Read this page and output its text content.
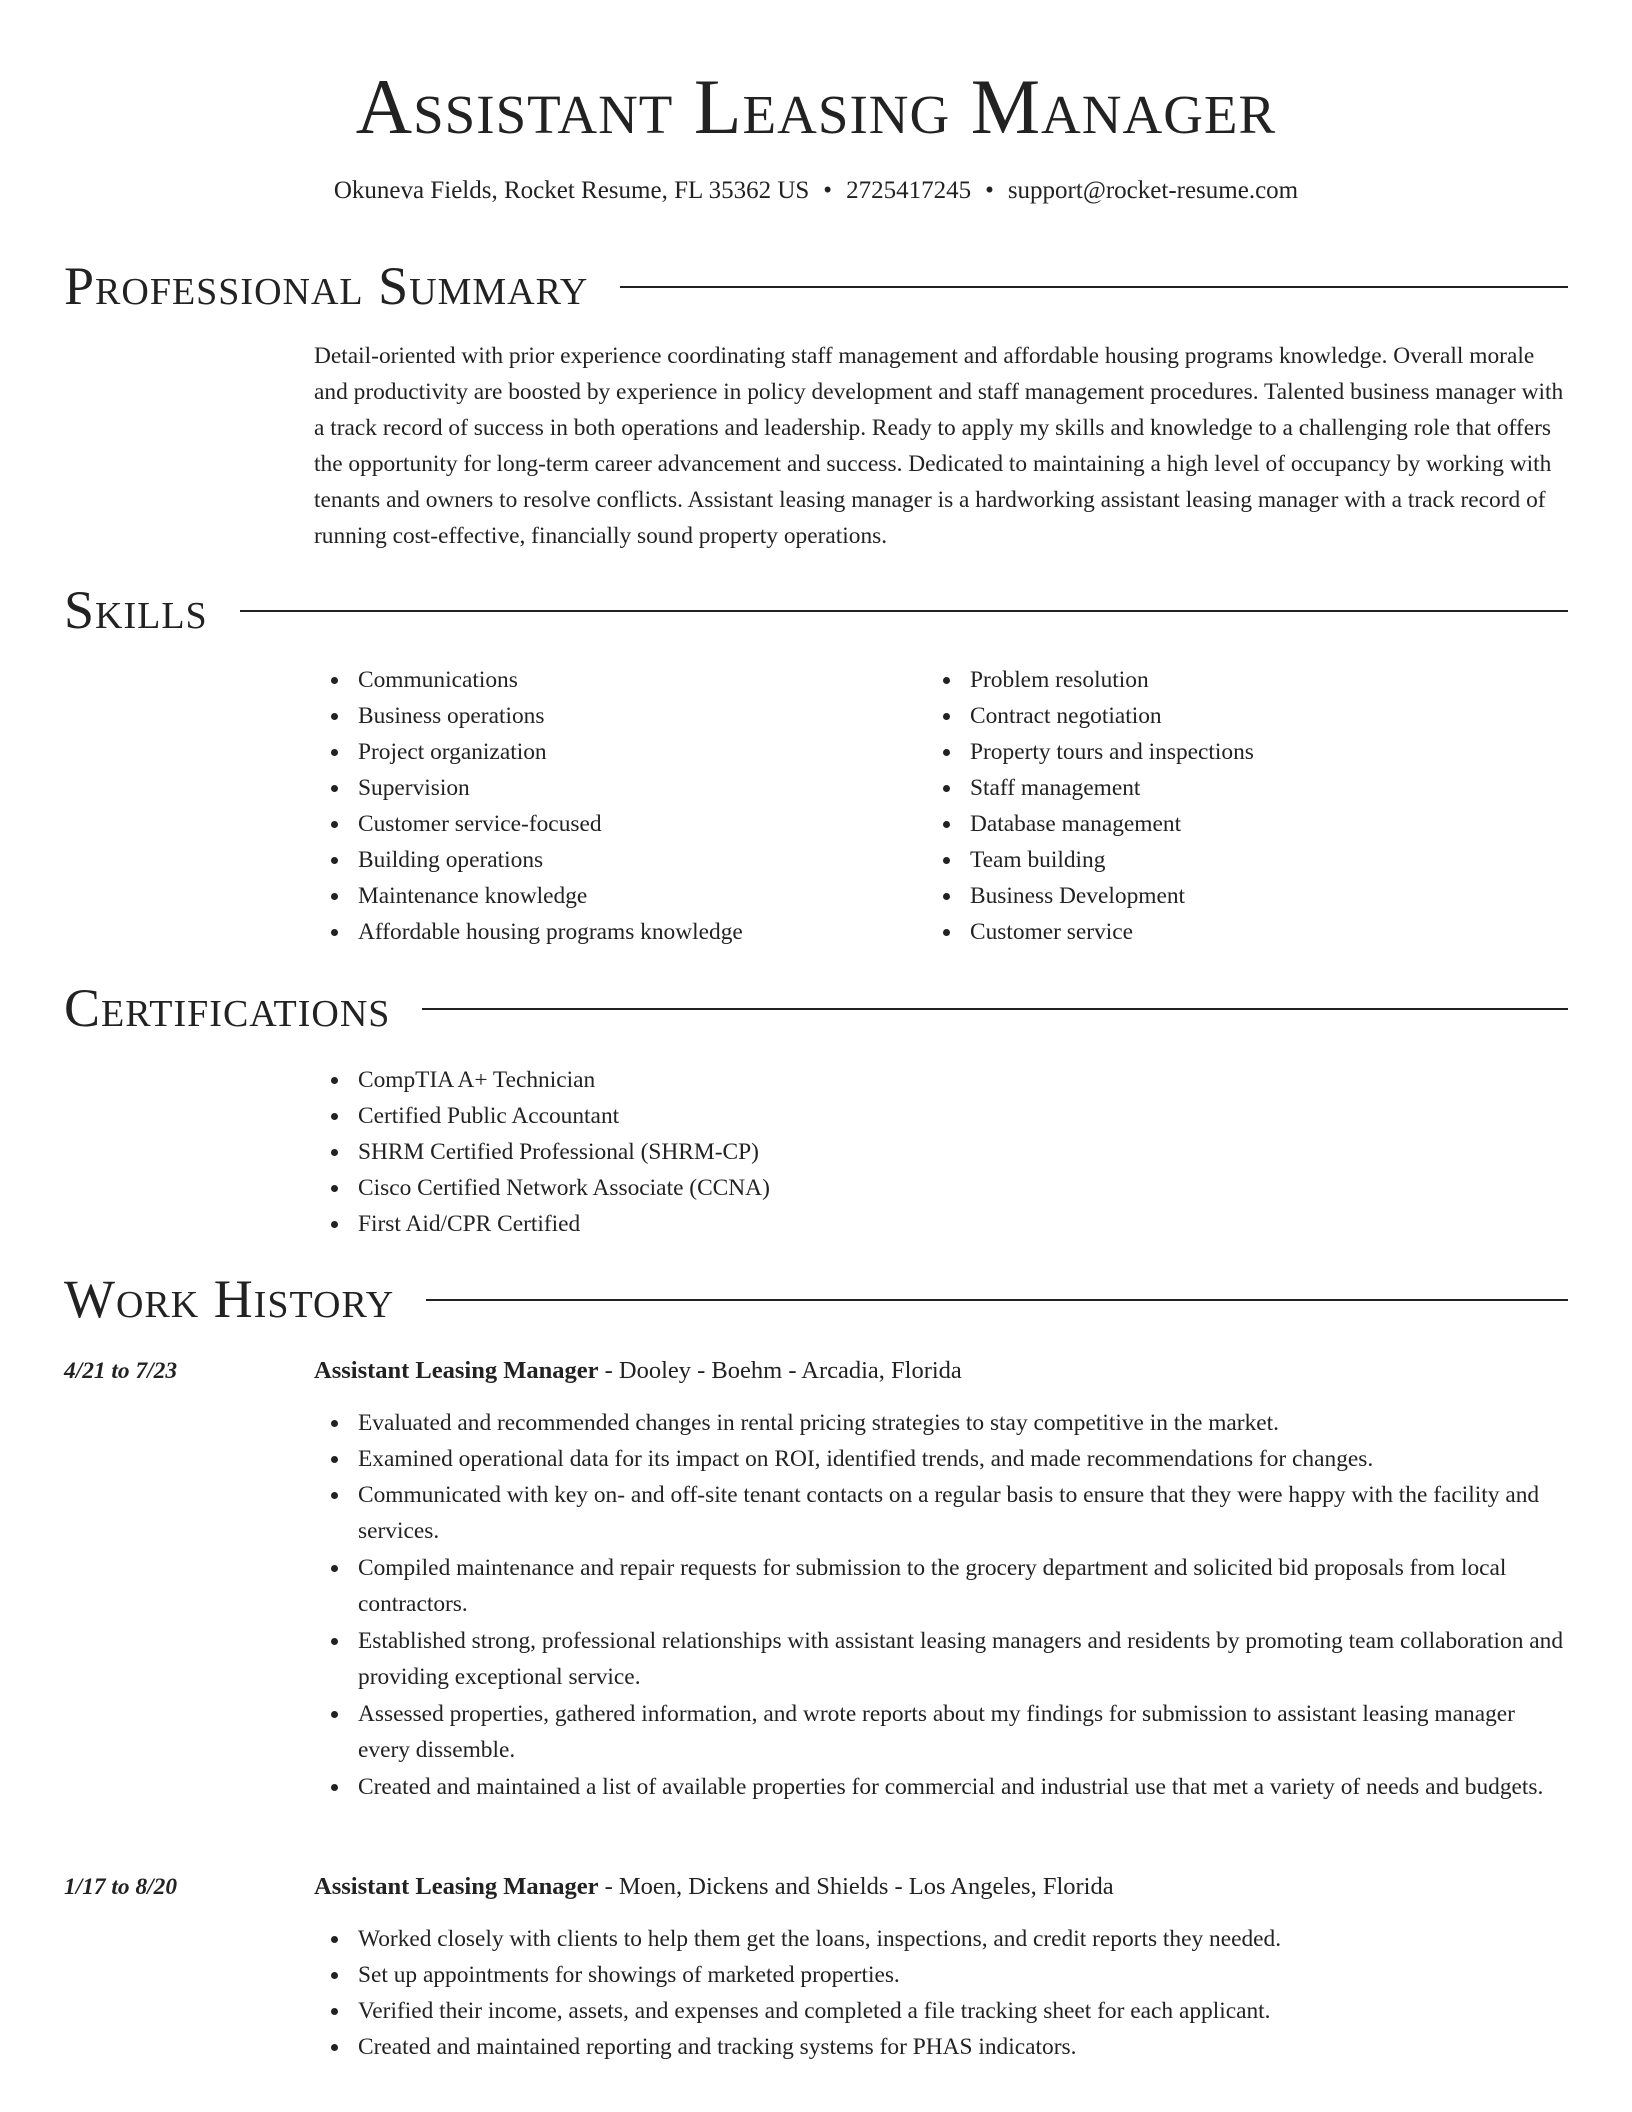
Assistant Leasing Manager
Okuneva Fields, Rocket Resume, FL 35362 US • 2725417245 • support@rocket-resume.com
Professional Summary

Detail-oriented with prior experience coordinating staff management and affordable housing programs knowledge. Overall morale and productivity are boosted by experience in policy development and staff management procedures. Talented business manager with a track record of success in both operations and leadership. Ready to apply my skills and knowledge to a challenging role that offers the opportunity for long-term career advancement and success. Dedicated to maintaining a high level of occupancy by working with tenants and owners to resolve conflicts. Assistant leasing manager is a hardworking assistant leasing manager with a track record of running cost-effective, financially sound property operations.

Skills
Communications
Business operations
Project organization
Supervision
Customer service-focused
Building operations
Maintenance knowledge
Affordable housing programs knowledge
Problem resolution
Contract negotiation
Property tours and inspections
Staff management
Database management
Team building
Business Development
Customer service
Certifications
CompTIA A+ Technician
Certified Public Accountant
SHRM Certified Professional (SHRM-CP)
Cisco Certified Network Associate (CCNA)
First Aid/CPR Certified
Work History
4/21 to 7/23	Assistant Leasing Manager - Dooley - Boehm - Arcadia, Florida
Evaluated and recommended changes in rental pricing strategies to stay competitive in the market.
Examined operational data for its impact on ROI, identified trends, and made recommendations for changes.
Communicated with key on- and off-site tenant contacts on a regular basis to ensure that they were happy with the facility and services.
Compiled maintenance and repair requests for submission to the grocery department and solicited bid proposals from local contractors.
Established strong, professional relationships with assistant leasing managers and residents by promoting team collaboration and providing exceptional service.
Assessed properties, gathered information, and wrote reports about my findings for submission to assistant leasing manager every dissemble.
Created and maintained a list of available properties for commercial and industrial use that met a variety of needs and budgets.
1/17 to 8/20	Assistant Leasing Manager - Moen, Dickens and Shields - Los Angeles, Florida
Worked closely with clients to help them get the loans, inspections, and credit reports they needed.
Set up appointments for showings of marketed properties.
Verified their income, assets, and expenses and completed a file tracking sheet for each applicant.
Created and maintained reporting and tracking systems for PHAS indicators.
